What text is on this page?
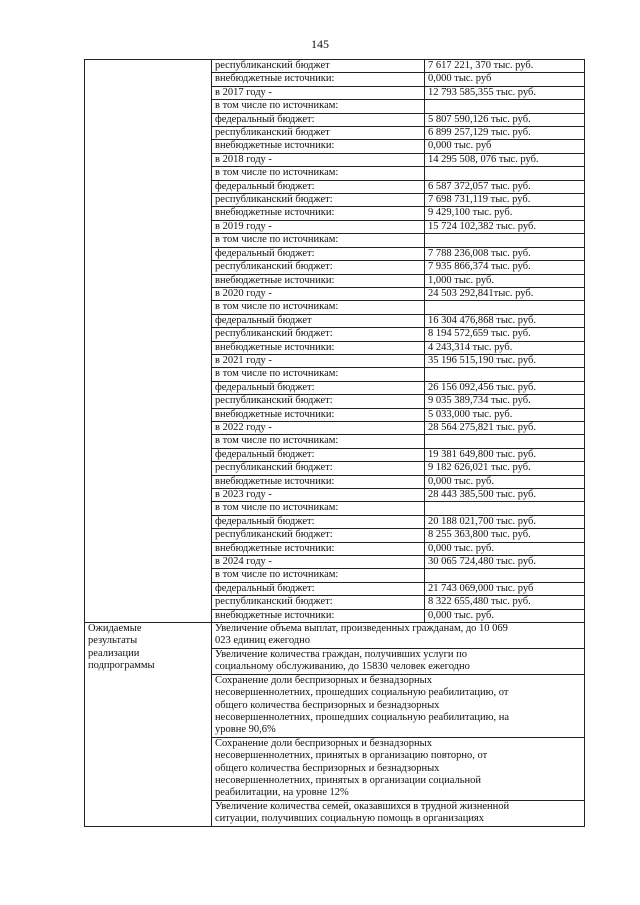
145
	республиканский бюджет	7 617 221, 370 тыс. руб.
	внебюджетные источники:	0,000 тыс. руб
	в 2017 году -	12 793 585,355 тыс. руб.
	в том числе по источникам:	
	федеральный бюджет:	5 807 590,126 тыс. руб.
	республиканский бюджет	6 899 257,129 тыс. руб.
	внебюджетные источники:	0,000 тыс. руб
	в 2018 году -	14 295 508, 076 тыс. руб.
	в том числе по источникам:	
	федеральный бюджет:	6 587 372,057 тыс. руб.
	республиканский бюджет:	7 698 731,119 тыс. руб.
	внебюджетные источники:	9 429,100 тыс. руб.
	в 2019 году -	15 724 102,382 тыс. руб.
	в том числе по источникам:	
	федеральный бюджет:	7 788 236,008 тыс. руб.
	республиканский бюджет:	7 935 866,374 тыс. руб.
	внебюджетные источники:	1,000 тыс. руб.
	в 2020 году -	24 503 292,841тыс. руб.
	в том числе по источникам:	
	федеральный бюджет	16 304 476,868 тыс. руб.
	республиканский бюджет:	8 194 572,659 тыс. руб.
	внебюджетные источники:	4 243,314 тыс. руб.
	в 2021 году -	35 196 515,190 тыс. руб.
	в том числе по источникам:	
	федеральный бюджет:	26 156 092,456 тыс. руб.
	республиканский бюджет:	9 035 389,734 тыс. руб.
	внебюджетные источники:	5 033,000 тыс. руб.
	в 2022 году -	28 564 275,821 тыс. руб.
	в том числе по источникам:	
	федеральный бюджет:	19 381 649,800 тыс. руб.
	республиканский бюджет:	9 182 626,021 тыс. руб.
	внебюджетные источники:	0,000 тыс. руб.
	в 2023 году -	28 443 385,500 тыс. руб.
	в том числе по источникам:	
	федеральный бюджет:	20 188 021,700 тыс. руб.
	республиканский бюджет:	8 255 363,800 тыс. руб.
	внебюджетные источники:	0,000 тыс. руб.
	в 2024 году -	30 065 724,480 тыс. руб.
	в том числе по источникам:	
	федеральный бюджет:	21 743 069,000 тыс. руб
	республиканский бюджет:	8 322 655,480 тыс. руб.
	внебюджетные источники:	0,000 тыс. руб.

Ожидаемые
результаты
реализации
подпрограммы	Увеличение объема выплат, произведенных гражданам, до 10 069
023 единиц ежегодно	

	Увеличение количества граждан, получивших услуги по
социальному обслуживанию, до 15830 человек ежегодно	

	Сохранение доли беспризорных и безнадзорных
несовершеннолетних, прошедших социальную реабилитацию, от
общего количества беспризорных и безнадзорных
несовершеннолетних, прошедших социальную реабилитацию, на
уровне 90,6%	

	Сохранение доли беспризорных и безнадзорных
несовершеннолетних, принятых в организацию повторно, от
общего количества беспризорных и безнадзорных
несовершеннолетних, принятых в организации социальной
реабилитации, на уровне 12%	

	Увеличение количества семей, оказавшихся в трудной жизненной
ситуации, получивших социальную помощь в организациях	
